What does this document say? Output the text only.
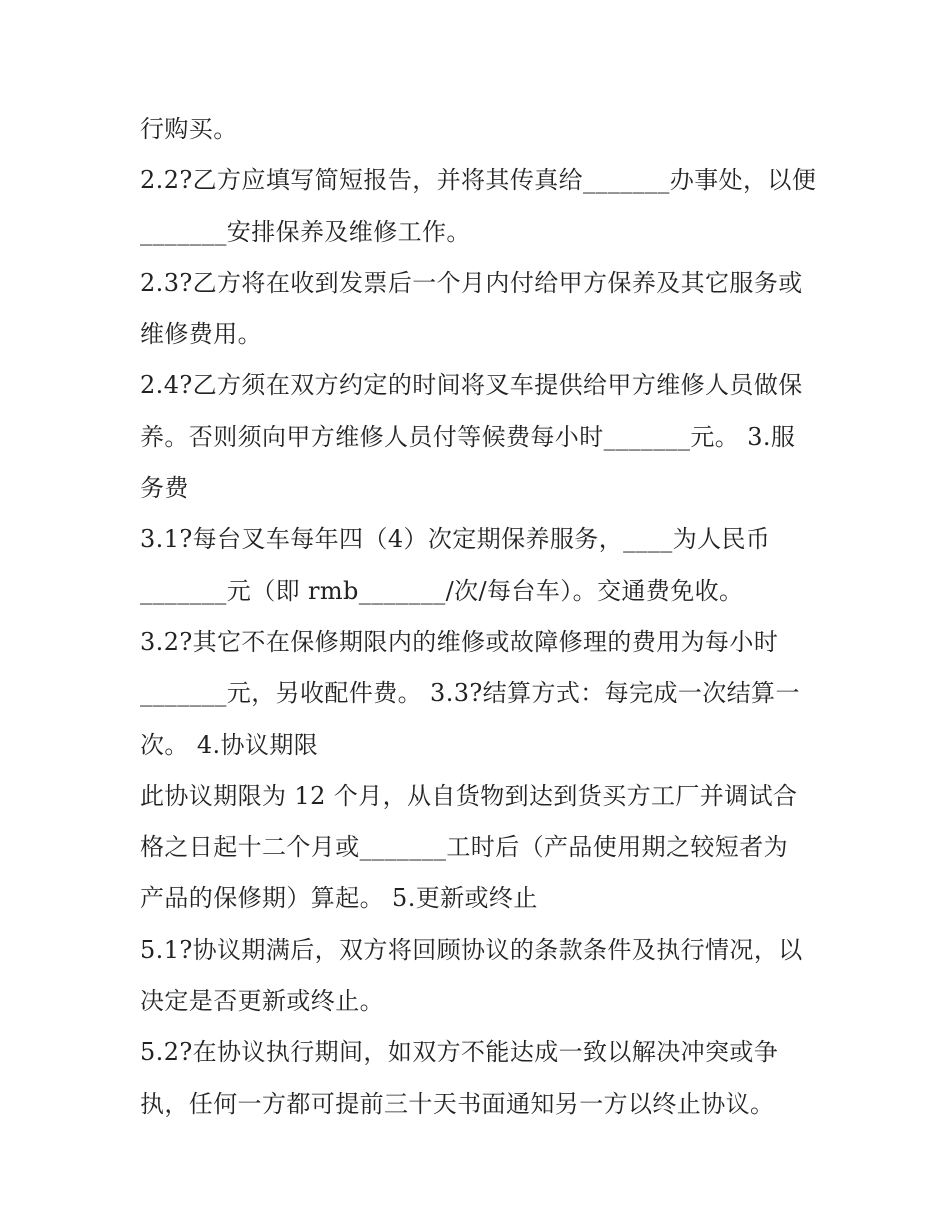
行购买。
2.2?乙方应填写简短报告，并将其传真给_______办事处，以便
_______安排保养及维修工作。
2.3?乙方将在收到发票后一个月内付给甲方保养及其它服务或
维修费用。
2.4?乙方须在双方约定的时间将叉车提供给甲方维修人员做保
养。否则须向甲方维修人员付等候费每小时_______元。 3.服
务费
3.1?每台叉车每年四（4）次定期保养服务，____为人民币
_______元（即 rmb_______/次/每台车）。交通费免收。
3.2?其它不在保修期限内的维修或故障修理的费用为每小时
_______元，另收配件费。 3.3?结算方式：每完成一次结算一
次。 4.协议期限
此协议期限为 12 个月，从自货物到达到货买方工厂并调试合
格之日起十二个月或_______工时后（产品使用期之较短者为
产品的保修期）算起。 5.更新或终止
5.1?协议期满后，双方将回顾协议的条款条件及执行情况，以
决定是否更新或终止。
5.2?在协议执行期间，如双方不能达成一致以解决冲突或争
执，任何一方都可提前三十天书面通知另一方以终止协议。
